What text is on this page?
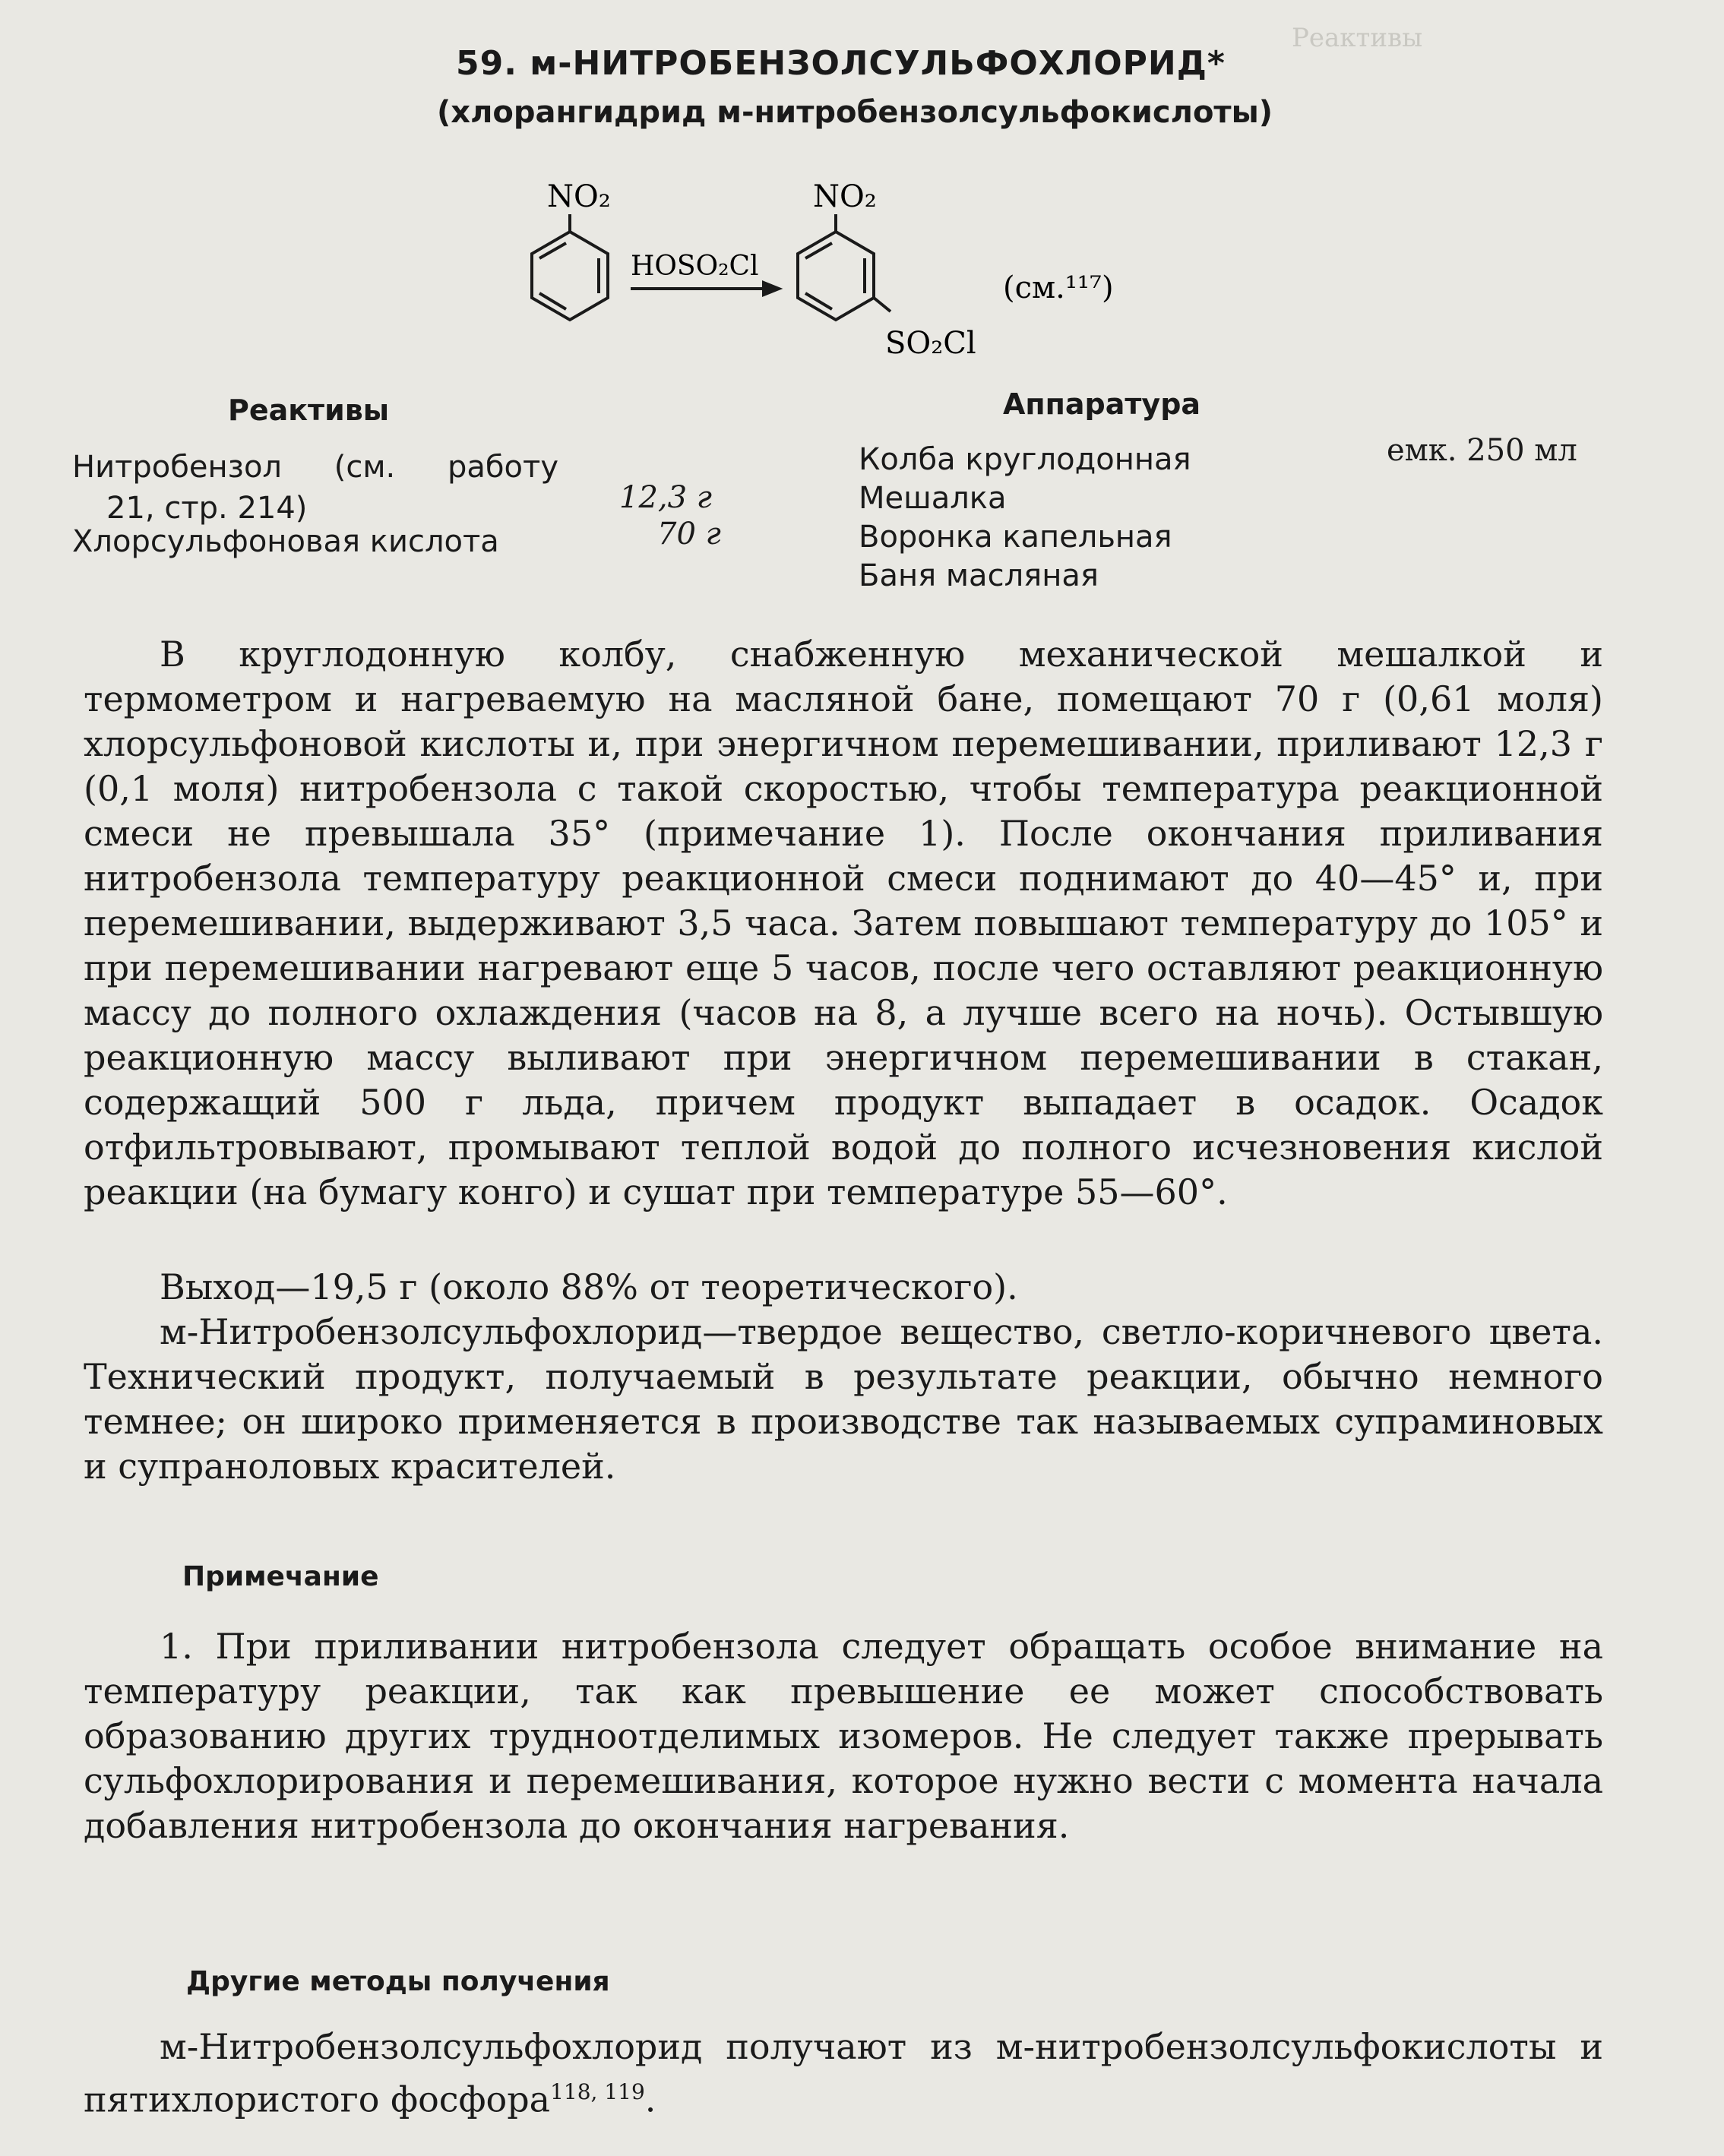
Реактивы
59. м-НИТРОБЕНЗОЛСУЛЬФОХЛОРИД*
(хлорангидрид м-нитробензолсульфокислоты)
NO₂
HOSO₂Cl
NO₂
SO₂Cl
(см.¹¹⁷)
Реактивы	Аппаратура
Нитробензол (см. работу
21, стр. 214)	12,3 г
Хлорсульфоновая кислота	70 г
Колба круглодонная	емк. 250 мл
Мешалка
Воронка капельная
Баня масляная
В круглодонную колбу, снабженную механической мешалкой и термометром и нагреваемую на масляной бане, помещают 70 г (0,61 моля) хлорсульфоновой кислоты и, при энергичном перемешивании, приливают 12,3 г (0,1 моля) нитробензола с такой скоростью, чтобы температура реакционной смеси не превышала 35° (примечание 1). После окончания приливания нитробензола температуру реакционной смеси поднимают до 40—45° и, при перемешивании, выдерживают 3,5 часа. Затем повышают температуру до 105° и при перемешивании нагревают еще 5 часов, после чего оставляют реакционную массу до полного охлаждения (часов на 8, а лучше всего на ночь). Остывшую реакционную массу выливают при энергичном перемешивании в стакан, содержащий 500 г льда, причем продукт выпадает в осадок. Осадок отфильтровывают, промывают теплой водой до полного исчезновения кислой реакции (на бумагу конго) и сушат при температуре 55—60°.
Выход—19,5 г (около 88% от теоретического).
м-Нитробензолсульфохлорид—твердое вещество, светло-коричневого цвета. Технический продукт, получаемый в результате реакции, обычно немного темнее; он широко применяется в производстве так называемых супраминовых и супраноловых красителей.
Примечание
1. При приливании нитробензола следует обращать особое внимание на температуру реакции, так как превышение ее может способствовать образованию других трудноотделимых изомеров. Не следует также прерывать сульфохлорирования и перемешивания, которое нужно вести с момента начала добавления нитробензола до окончания нагревания.
Другие методы получения
м-Нитробензолсульфохлорид получают из м-нитробензолсульфокислоты и пятихлористого фосфора$^{118, 119}$.
